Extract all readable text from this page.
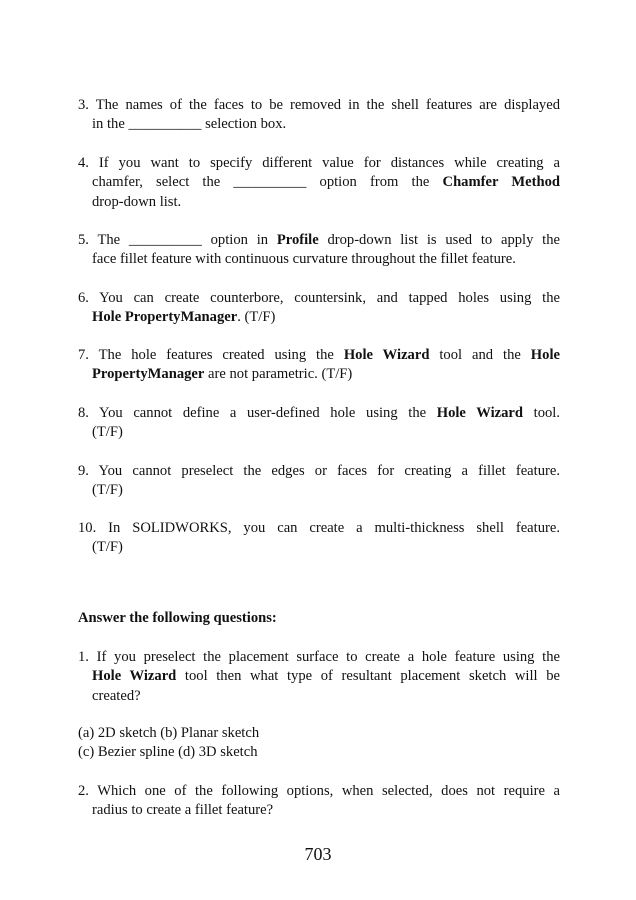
3. The names of the faces to be removed in the shell features are displayed
in the __________ selection box.
4. If you want to specify different value for distances while creating a
chamfer, select the __________ option from the Chamfer Method
drop-down list.
5. The __________ option in Profile drop-down list is used to apply the
face fillet feature with continuous curvature throughout the fillet feature.
6. You can create counterbore, countersink, and tapped holes using the
Hole PropertyManager. (T/F)
7. The hole features created using the Hole Wizard tool and the Hole
PropertyManager are not parametric. (T/F)
8. You cannot define a user-defined hole using the Hole Wizard tool.
(T/F)
9. You cannot preselect the edges or faces for creating a fillet feature.
(T/F)
10. In SOLIDWORKS, you can create a multi-thickness shell feature.
(T/F)
Answer the following questions:
1. If you preselect the placement surface to create a hole feature using the
Hole Wizard tool then what type of resultant placement sketch will be
created?
(a) 2D sketch (b) Planar sketch
(c) Bezier spline (d) 3D sketch
2. Which one of the following options, when selected, does not require a
radius to create a fillet feature?
703
